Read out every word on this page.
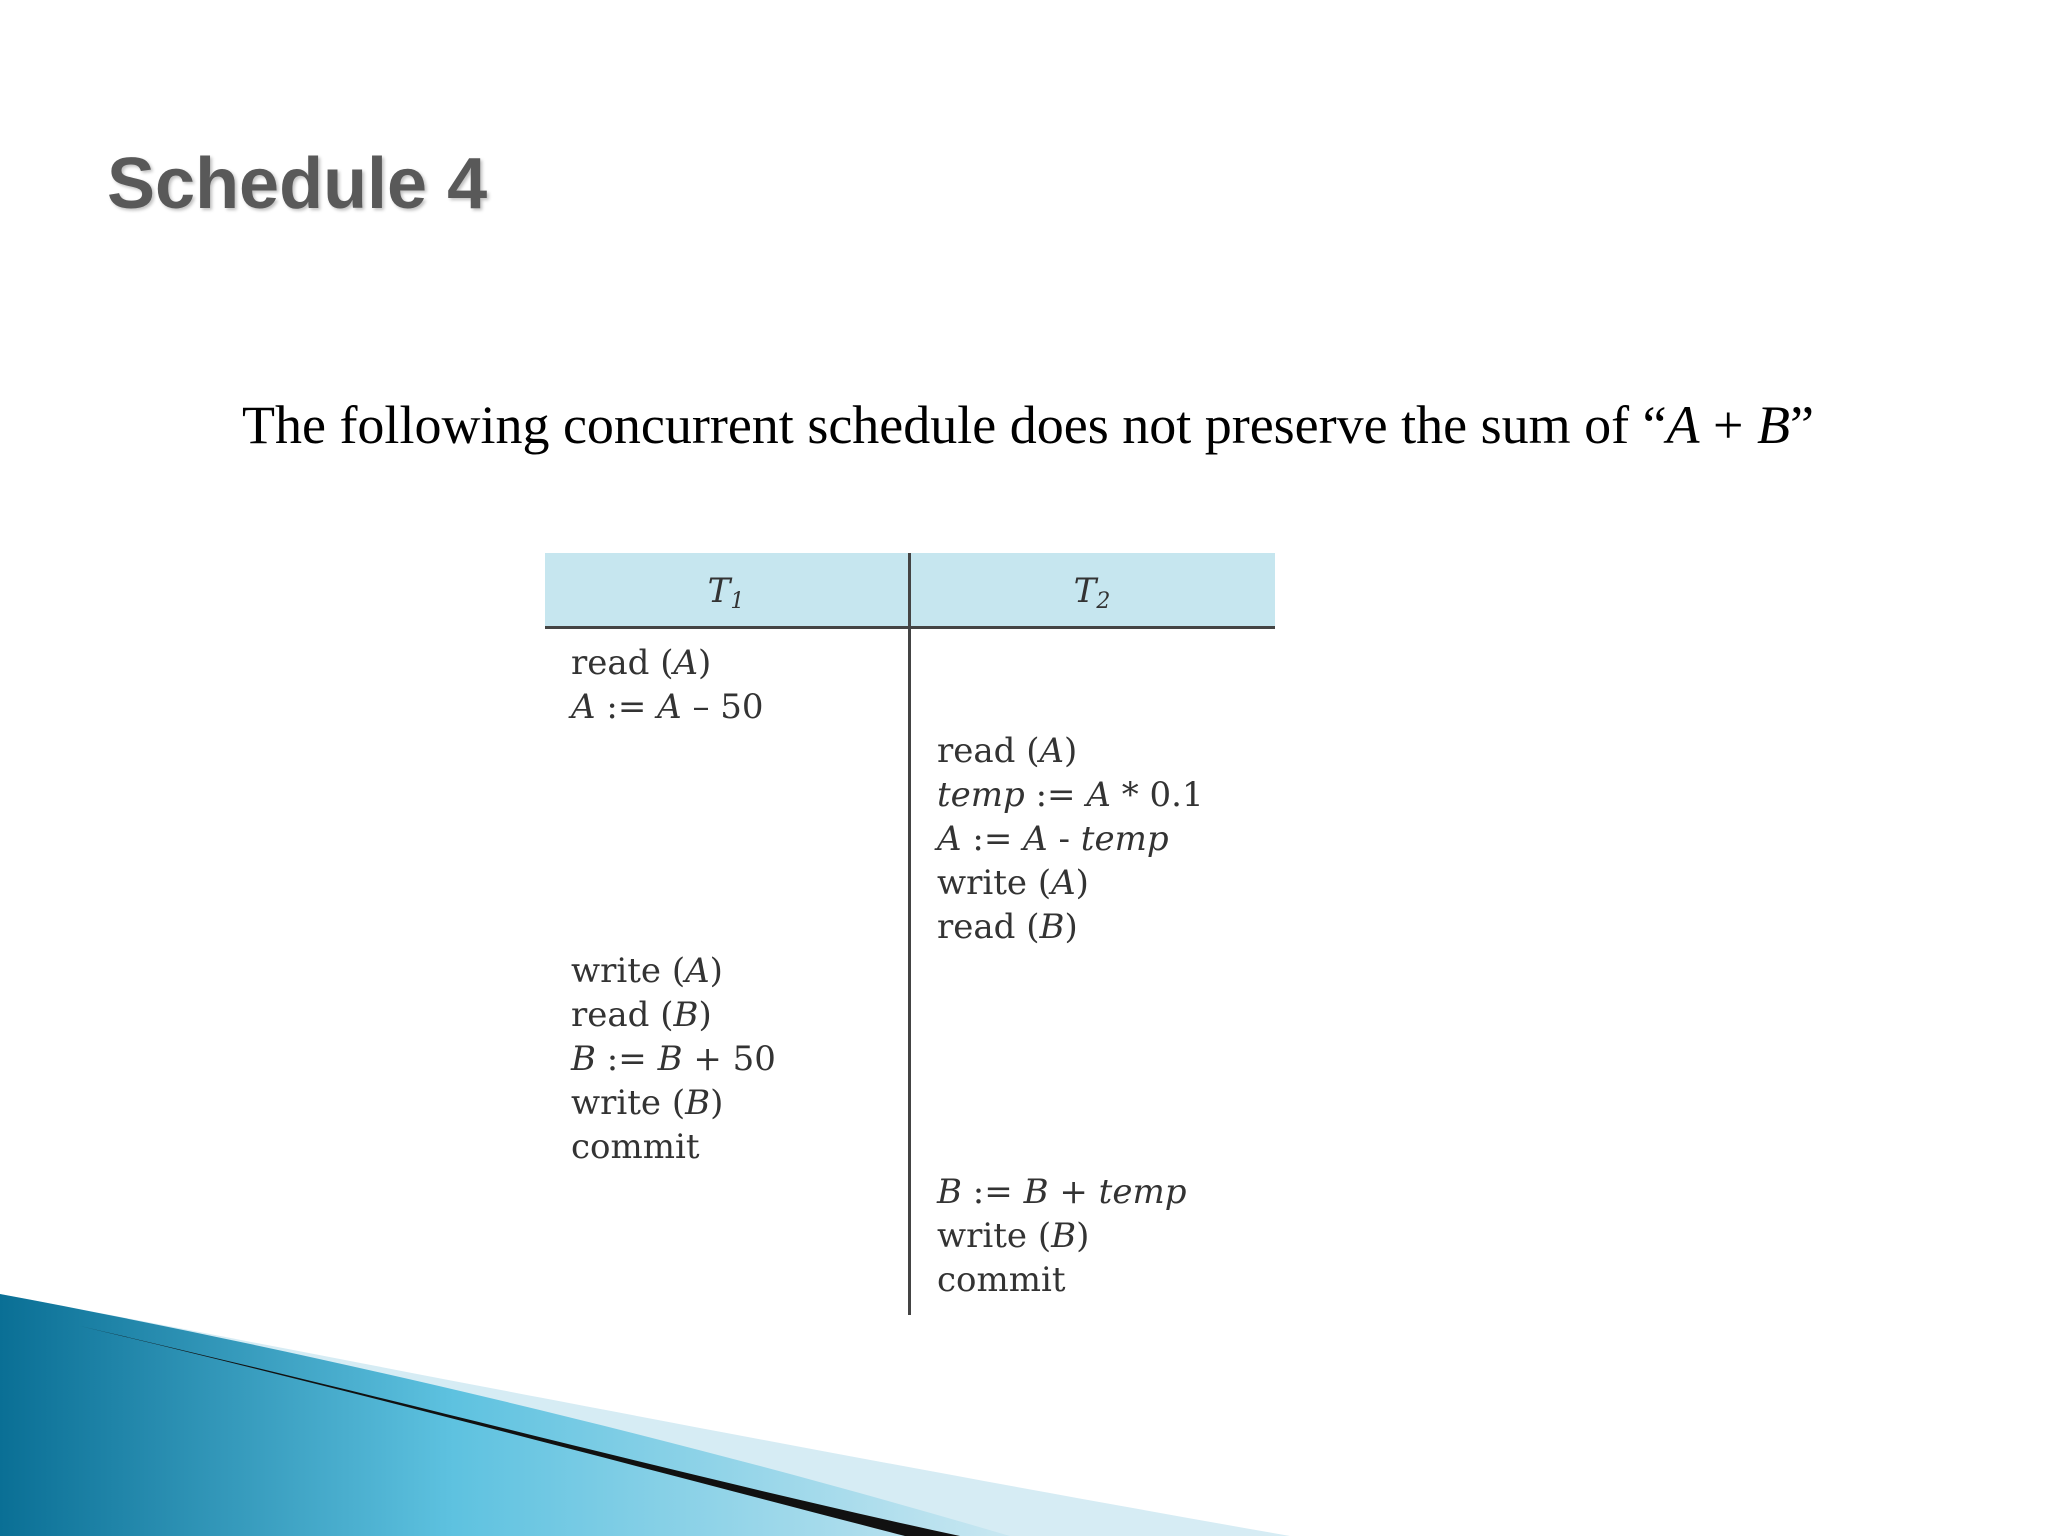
Schedule 4

The following concurrent schedule does not preserve the sum of “A + B”

$T_1$	$T_2$
read (A)
A := A – 50
read (A)
temp := A * 0.1
A := A - temp
write (A)
read (B)
write (A)
read (B)
B := B + 50
write (B)
commit
B := B + temp
write (B)
commit
